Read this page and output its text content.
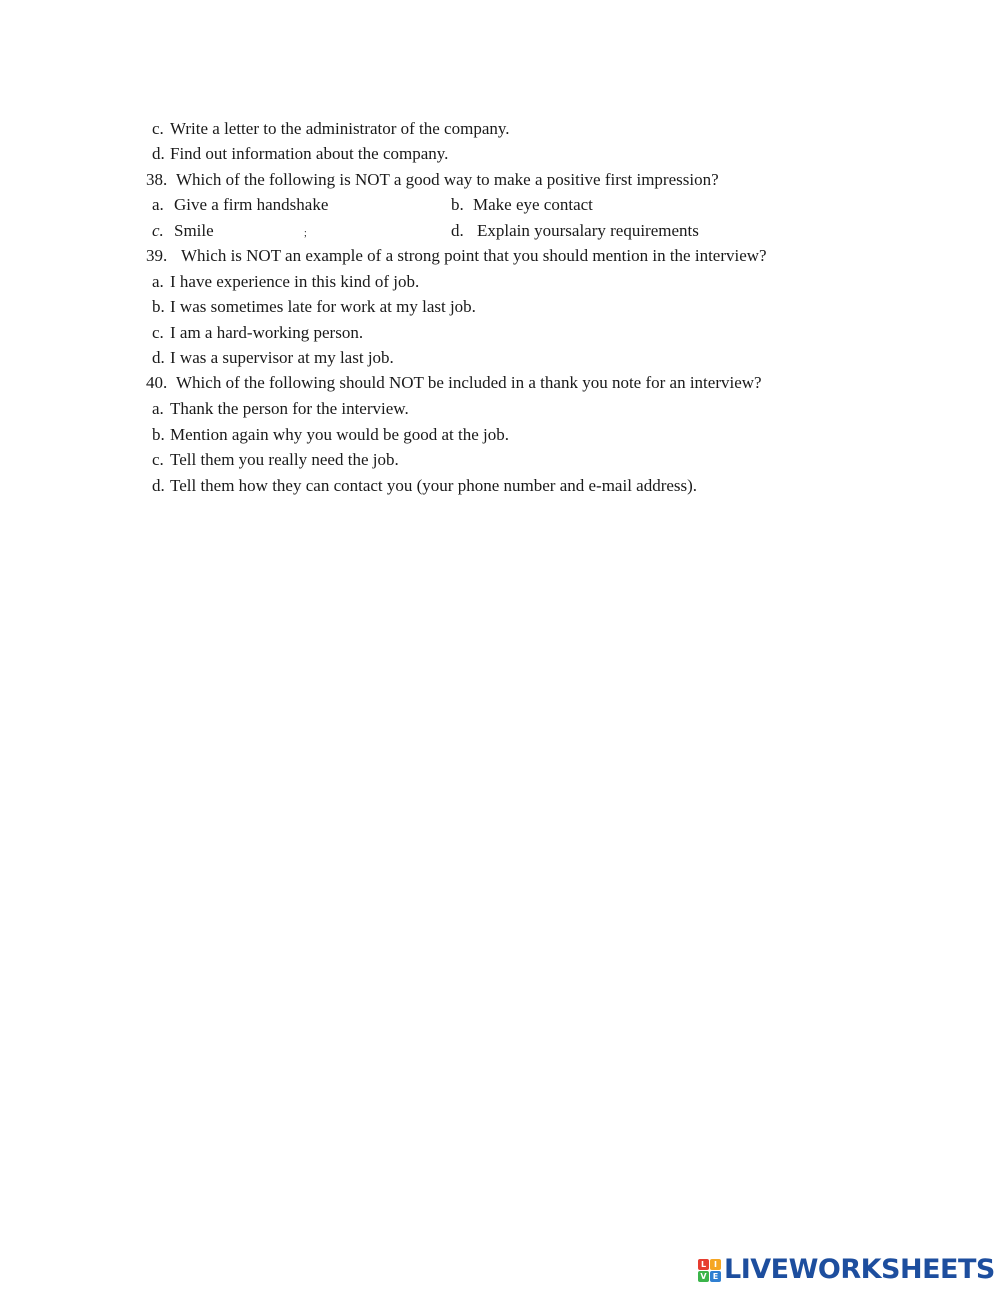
c. Write a letter to the administrator of the company.
d. Find out information about the company.
38. Which of the following is NOT a good way to make a positive first impression?
a. Give a firm handshake	b. Make eye contact
c. Smile	;	d. Explain yoursalary requirements
39. Which is NOT an example of a strong point that you should mention in the interview?
a. I have experience in this kind of job.
b. I was sometimes late for work at my last job.
c. I am a hard-working person.
d. I was a supervisor at my last job.
40. Which of the following should NOT be included in a thank you note for an interview?
a. Thank the person for the interview.
b. Mention again why you would be good at the job.
c. Tell them you really need the job.
d. Tell them how they can contact you (your phone number and e-mail address).
L I
V E LIVEWORKSHEETS
